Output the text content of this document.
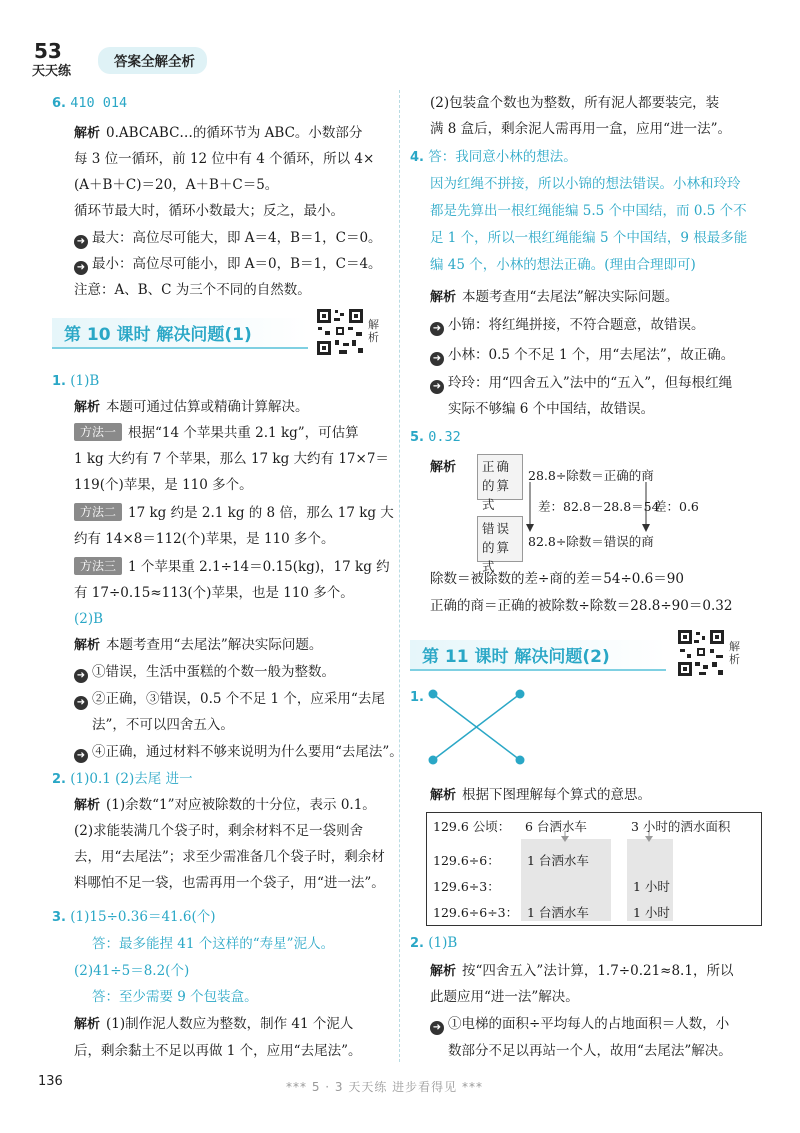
53
天天练
答案全解全析
6. 410 014
解析 0.ABCABC…的循环节为 ABC。小数部分
每 3 位一循环，前 12 位中有 4 个循环，所以 4×
(A＋B＋C)＝20，A＋B＋C＝5。
循环节最大时，循环小数最大；反之，最小。
➜ 最大：高位尽可能大，即 A＝4，B＝1，C＝0。
➜ 最小：高位尽可能小，即 A＝0，B＝1，C＝4。
注意：A、B、C 为三个不同的自然数。
第 10 课时 解决问题(1)
解析
1. (1)B
解析 本题可通过估算或精确计算解决。
方法一 根据“14 个苹果共重 2.1 kg”，可估算
1 kg 大约有 7 个苹果，那么 17 kg 大约有 17×7＝
119(个)苹果，是 110 多个。
方法二 17 kg 约是 2.1 kg 的 8 倍，那么 17 kg 大
约有 14×8＝112(个)苹果，是 110 多个。
方法三 1 个苹果重 2.1÷14＝0.15(kg)，17 kg 约
有 17÷0.15≈113(个)苹果，也是 110 多个。
(2)B
解析 本题考查用“去尾法”解决实际问题。
➜ ①错误，生活中蛋糕的个数一般为整数。
➜ ②正确，③错误，0.5 个不足 1 个，应采用“去尾
法”，不可以四舍五入。
➜ ④正确，通过材料不够来说明为什么要用“去尾法”。
2. (1)0.1 (2)去尾 进一
解析 (1)余数“1”对应被除数的十分位，表示 0.1。
(2)求能装满几个袋子时，剩余材料不足一袋则舍
去，用“去尾法”；求至少需准备几个袋子时，剩余材
料哪怕不足一袋，也需再用一个袋子，用“进一法”。
3. (1)15÷0.36＝41.6(个)
答：最多能捏 41 个这样的“寿星”泥人。
(2)41÷5＝8.2(个)
答：至少需要 9 个包装盒。
解析 (1)制作泥人数应为整数，制作 41 个泥人
后，剩余黏土不足以再做 1 个，应用“去尾法”。
(2)包装盒个数也为整数，所有泥人都要装完，装
满 8 盒后，剩余泥人需再用一盒，应用“进一法”。
4. 答：我同意小林的想法。
因为红绳不拼接，所以小锦的想法错误。小林和玲玲
都是先算出一根红绳能编 5.5 个中国结，而 0.5 个不
足 1 个，所以一根红绳能编 5 个中国结，9 根最多能
编 45 个，小林的想法正确。(理由合理即可)
解析 本题考查用“去尾法”解决实际问题。
➜ 小锦：将红绳拼接，不符合题意，故错误。
➜ 小林：0.5 个不足 1 个，用“去尾法”，故正确。
➜ 玲玲：用“四舍五入”法中的“五入”，但每根红绳
实际不够编 6 个中国结，故错误。
5. 0.32
解析	正确的算式
错误的算式
28.8÷除数＝正确的商
82.8÷除数＝错误的商
差：82.8－28.8＝54
差：0.6
除数＝被除数的差÷商的差＝54÷0.6＝90
正确的商＝正确的被除数÷除数＝28.8÷90＝0.32
第 11 课时 解决问题(2)
解析
1.
解析 根据下图理解每个算式的意思。
129.6 公顷： 6 台洒水车	3 小时的洒水面积
129.6÷6： 1 台洒水车
129.6÷3：	1 小时
129.6÷6÷3： 1 台洒水车	1 小时
2. (1)B
解析 按“四舍五入”法计算，1.7÷0.21≈8.1，所以
此题应用“进一法”解决。
➜ ①电梯的面积÷平均每人的占地面积＝人数，小
数部分不足以再站一个人，故用“去尾法”解决。
136	*** 5 · 3 天天练 进步看得见 ***
